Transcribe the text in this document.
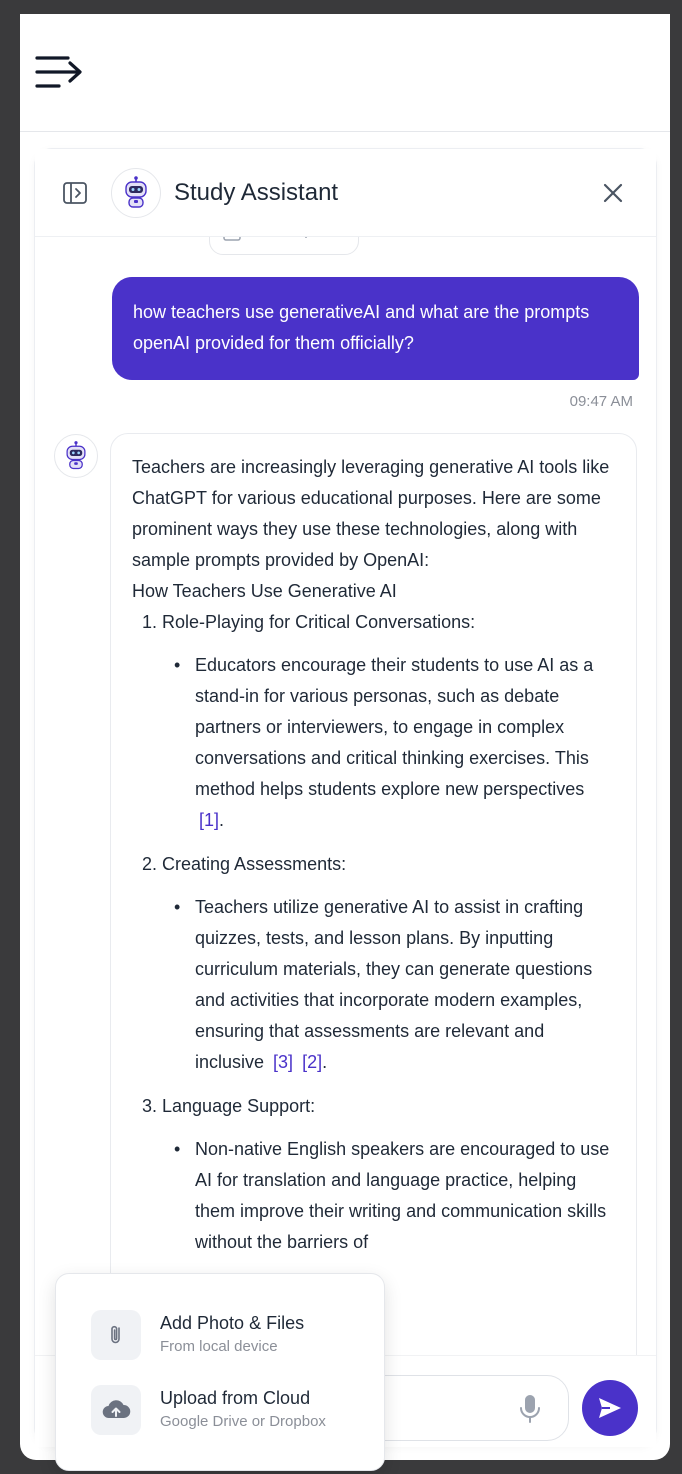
Study Assistant
how teachers use generativeAI and what are the prompts openAI provided for them officially?
09:47 AM

Teachers are increasingly leveraging generative AI tools like ChatGPT for various educational purposes. Here are some prominent ways they use these technologies, along with sample prompts provided by OpenAI:

How Teachers Use Generative AI

1. Role-Playing for Critical Conversations:
• Educators encourage their students to use AI as a stand-in for various personas, such as debate partners or interviewers, to engage in complex conversations and critical thinking exercises. This method helps students explore new perspectives [1].
2. Creating Assessments:
• Teachers utilize generative AI to assist in crafting quizzes, tests, and lesson plans. By inputting curriculum materials, they can generate questions and activities that incorporate modern examples, ensuring that assessments are relevant and inclusive [3] [2].
3. Language Support:
• Non-native English speakers are encouraged to use AI for translation and language practice, helping them improve their writing and communication skills without the barriers of
Add Photo & Files
From local device
Upload from Cloud
Google Drive or Dropbox
Ask a question...
